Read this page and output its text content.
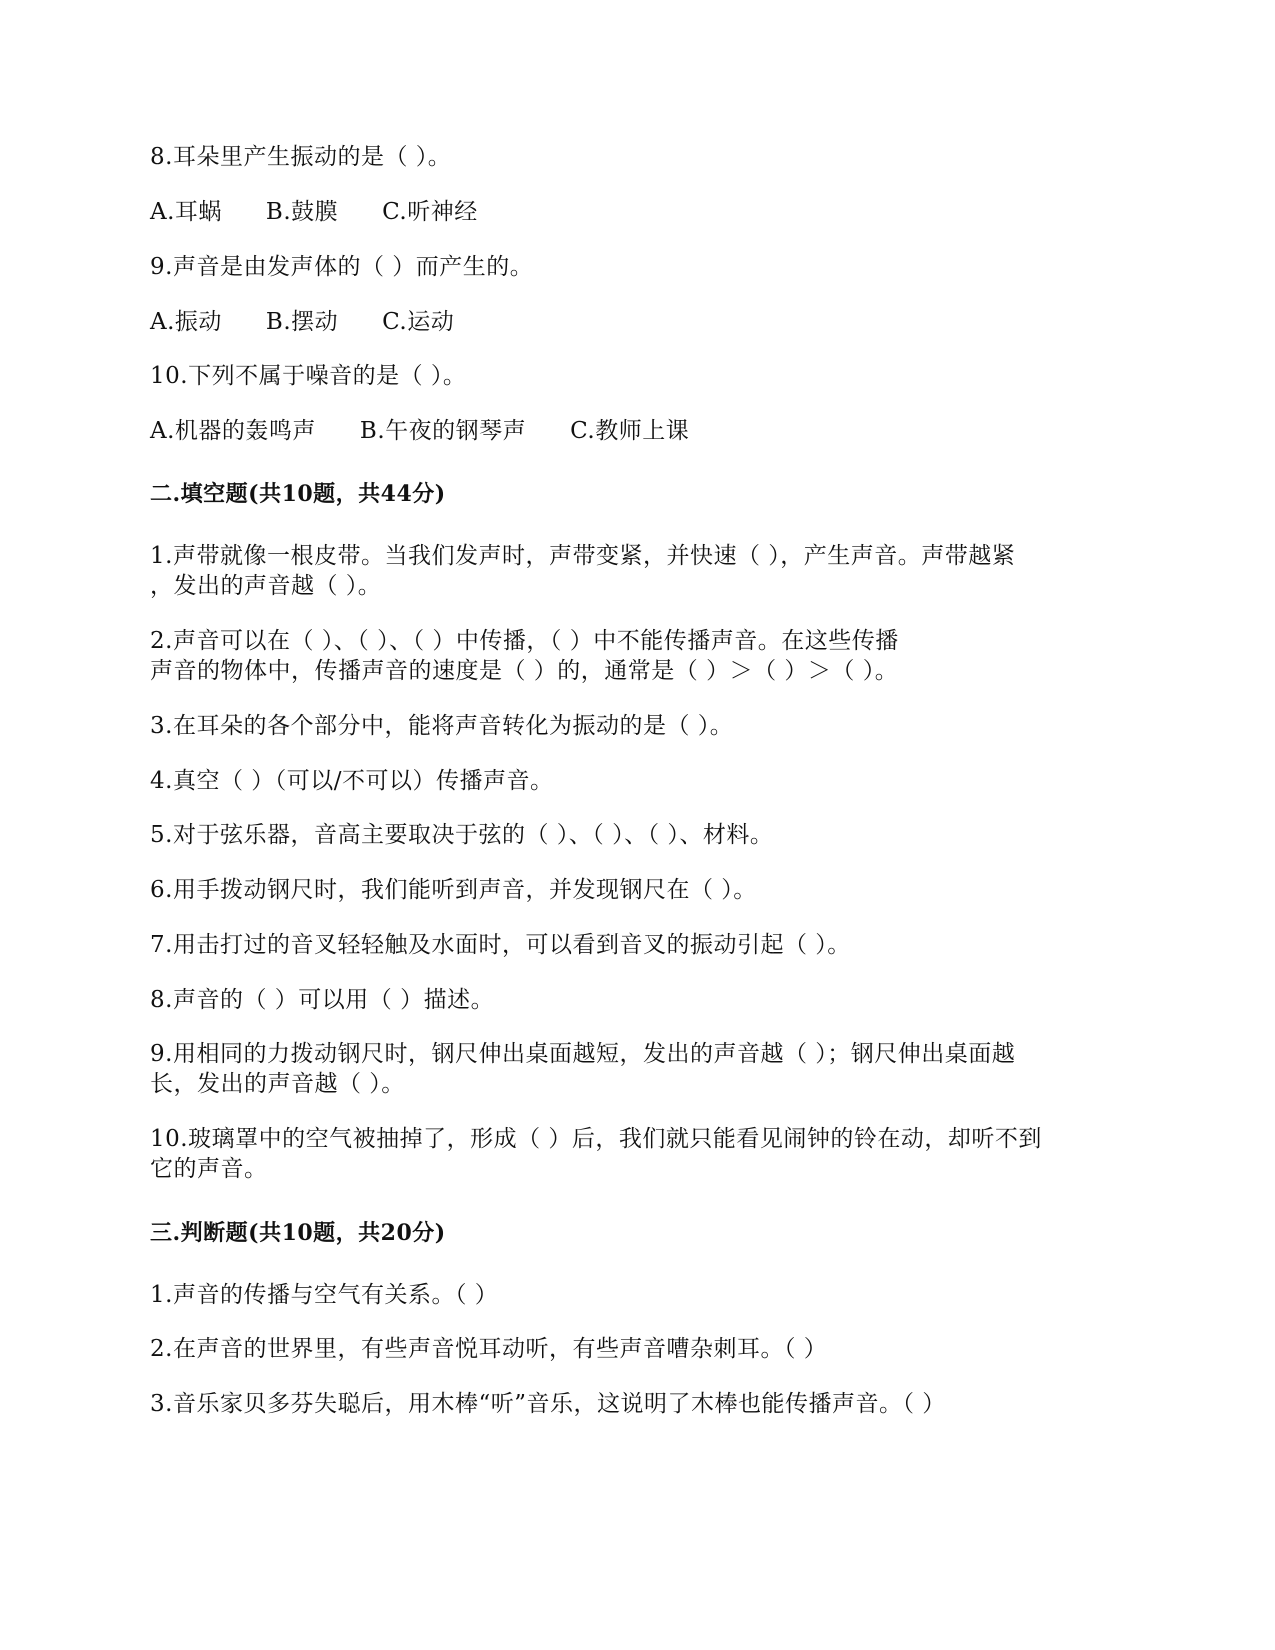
8.耳朵里产生振动的是（ ）。
A.耳蜗 B.鼓膜 C.听神经
9.声音是由发声体的（ ）而产生的。
A.振动 B.摆动 C.运动
10.下列不属于噪音的是（ ）。
A.机器的轰鸣声 B.午夜的钢琴声 C.教师上课
二.填空题(共10题，共44分)
1.声带就像一根皮带。当我们发声时，声带变紧，并快速（ ），产生声音。声带越紧
，发出的声音越（ ）。
2.声音可以在（ ）、（ ）、（ ）中传播，（ ）中不能传播声音。在这些传播
声音的物体中，传播声音的速度是（ ）的，通常是（ ）＞（ ）＞（ ）。
3.在耳朵的各个部分中，能将声音转化为振动的是（ ）。
4.真空（ ）（可以/不可以）传播声音。
5.对于弦乐器，音高主要取决于弦的（ ）、（ ）、（ ）、材料。
6.用手拨动钢尺时，我们能听到声音，并发现钢尺在（ ）。
7.用击打过的音叉轻轻触及水面时，可以看到音叉的振动引起（ ）。
8.声音的（ ）可以用（ ）描述。
9.用相同的力拨动钢尺时，钢尺伸出桌面越短，发出的声音越（ ）；钢尺伸出桌面越
长，发出的声音越（ ）。
10.玻璃罩中的空气被抽掉了，形成（ ）后，我们就只能看见闹钟的铃在动，却听不到
它的声音。
三.判断题(共10题，共20分)
1.声音的传播与空气有关系。（ ）
2.在声音的世界里，有些声音悦耳动听，有些声音嘈杂刺耳。（ ）
3.音乐家贝多芬失聪后，用木棒“听”音乐，这说明了木棒也能传播声音。（ ）
